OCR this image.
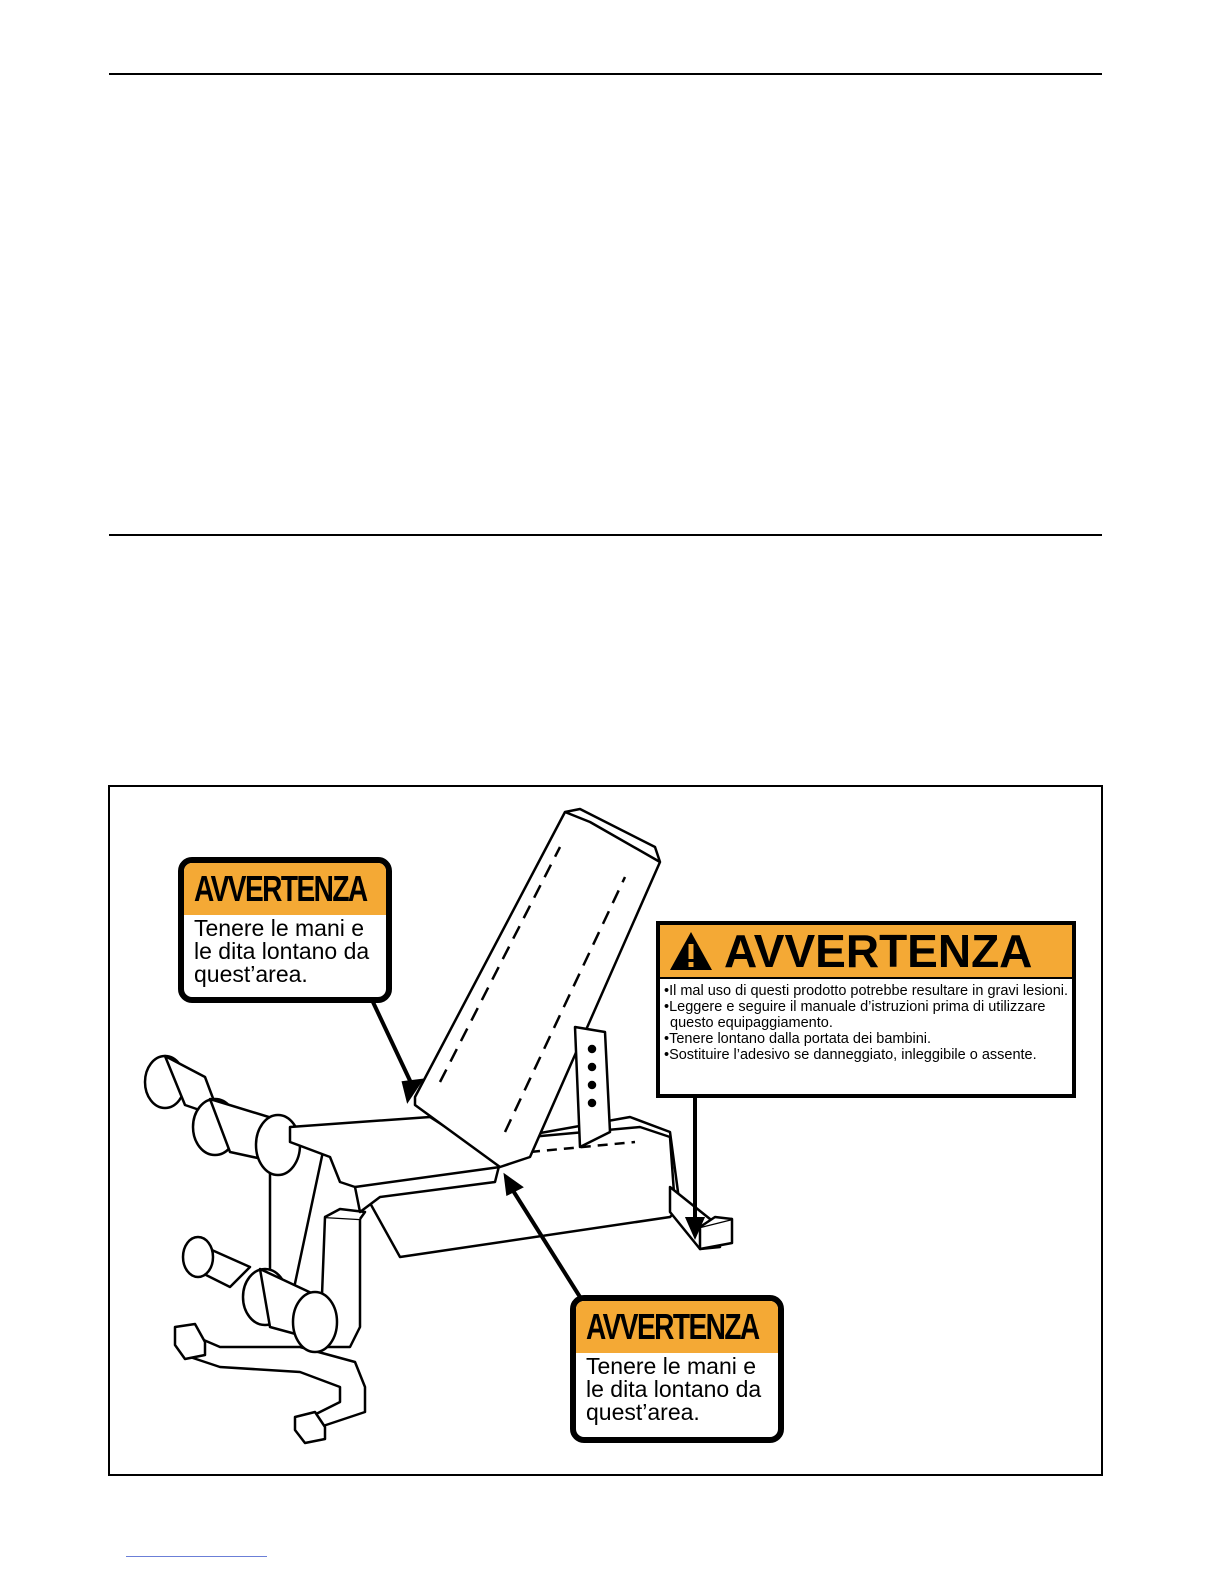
AVVERTENZA
Tenere le mani e
le dita lontano da
quest’area.	AVVERTENZA
•Il mal uso di questi prodotto potrebbe resultare in gravi lesioni.
•Leggere e seguire il manuale d’istruzioni prima di utilizzare questo equipaggiamento.
•Tenere lontano dalla portata dei bambini.
•Sostituire l’adesivo se danneggiato, inleggibile o assente.
AVVERTENZA
Tenere le mani e
le dita lontano da
quest’area.
